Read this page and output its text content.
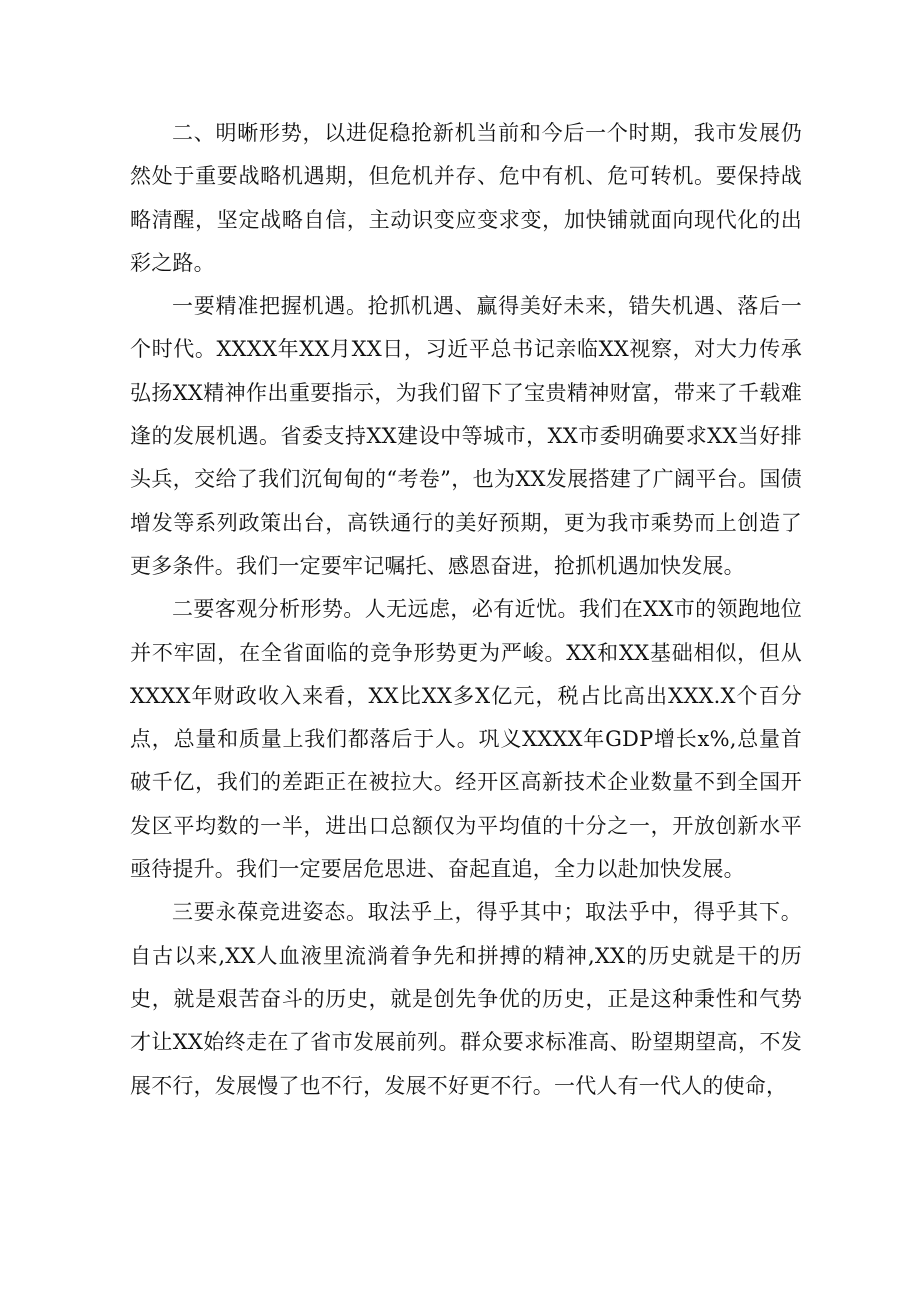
二、明晰形势，以进促稳抢新机当前和今后一个时期，我市发展仍然处于重要战略机遇期，但危机并存、危中有机、危可转机。要保持战略清醒，坚定战略自信，主动识变应变求变，加快铺就面向现代化的出彩之路。

一要精准把握机遇。抢抓机遇、赢得美好未来，错失机遇、落后一个时代。XXXX年XX月XX日，习近平总书记亲临XX视察，对大力传承弘扬XX精神作出重要指示，为我们留下了宝贵精神财富，带来了千载难逢的发展机遇。省委支持XX建设中等城市，XX市委明确要求XX当好排头兵，交给了我们沉甸甸的“考卷”，也为XX发展搭建了广阔平台。国债增发等系列政策出台，高铁通行的美好预期，更为我市乘势而上创造了更多条件。我们一定要牢记嘱托、感恩奋进，抢抓机遇加快发展。

二要客观分析形势。人无远虑，必有近忧。我们在XX市的领跑地位并不牢固，在全省面临的竞争形势更为严峻。XX和XX基础相似，但从XXXX年财政收入来看，XX比XX多X亿元，税占比高出XXX.X个百分点，总量和质量上我们都落后于人。巩义XXXX年GDP增长x%,总量首破千亿，我们的差距正在被拉大。经开区高新技术企业数量不到全国开发区平均数的一半，进出口总额仅为平均值的十分之一，开放创新水平亟待提升。我们一定要居危思进、奋起直追，全力以赴加快发展。

三要永葆竞进姿态。取法乎上，得乎其中；取法乎中，得乎其下。自古以来,XX人血液里流淌着争先和拼搏的精神,XX的历史就是干的历史，就是艰苦奋斗的历史，就是创先争优的历史，正是这种秉性和气势才让XX始终走在了省市发展前列。群众要求标准高、盼望期望高，不发展不行，发展慢了也不行，发展不好更不行。一代人有一代人的使命，
